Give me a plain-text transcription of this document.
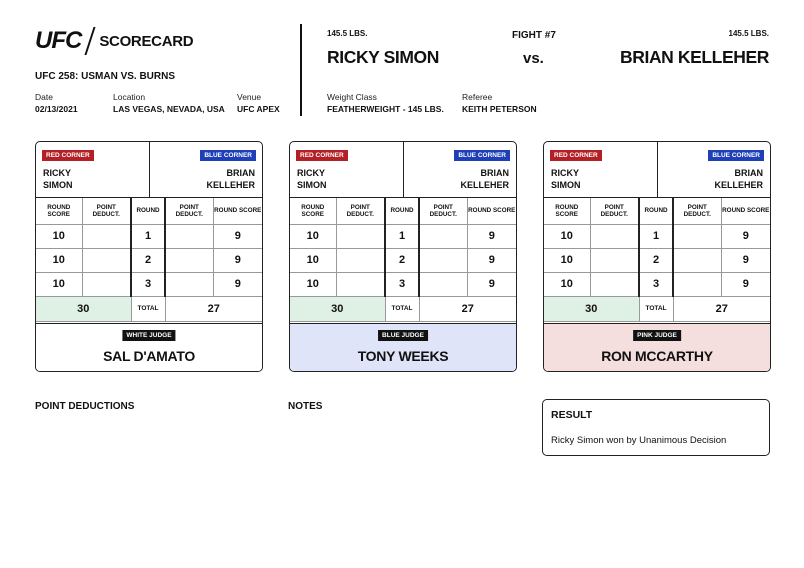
UFC SCORECARD
UFC 258: USMAN VS. BURNS
Date
02/13/2021
Location
LAS VEGAS, NEVADA, USA
Venue
UFC APEX
145.5 LBS.	FIGHT #7	145.5 LBS.
RICKY SIMON	vs.	BRIAN KELLEHER
Weight Class
FEATHERWEIGHT - 145 LBS.
Referee
KEITH PETERSON
RED CORNER	BLUE CORNER
RICKY
SIMON
BRIAN
KELLEHER
ROUND SCORE	POINT DEDUCT.	ROUND	POINT DEDUCT.	ROUND SCORE
10		1		9
10		2		9
10		3		9
30		TOTAL	27	
WHITE JUDGE
SAL D'AMATO
RED CORNER	BLUE CORNER
RICKY
SIMON
BRIAN
KELLEHER
ROUND SCORE	POINT DEDUCT.	ROUND	POINT DEDUCT.	ROUND SCORE
10		1		9
10		2		9
10		3		9
30		TOTAL	27	
BLUE JUDGE
TONY WEEKS
RED CORNER	BLUE CORNER
RICKY
SIMON
BRIAN
KELLEHER
ROUND SCORE	POINT DEDUCT.	ROUND	POINT DEDUCT.	ROUND SCORE
10		1		9
10		2		9
10		3		9
30		TOTAL	27	
PINK JUDGE
RON MCCARTHY
POINT DEDUCTIONS	NOTES
RESULT
Ricky Simon won by Unanimous Decision
